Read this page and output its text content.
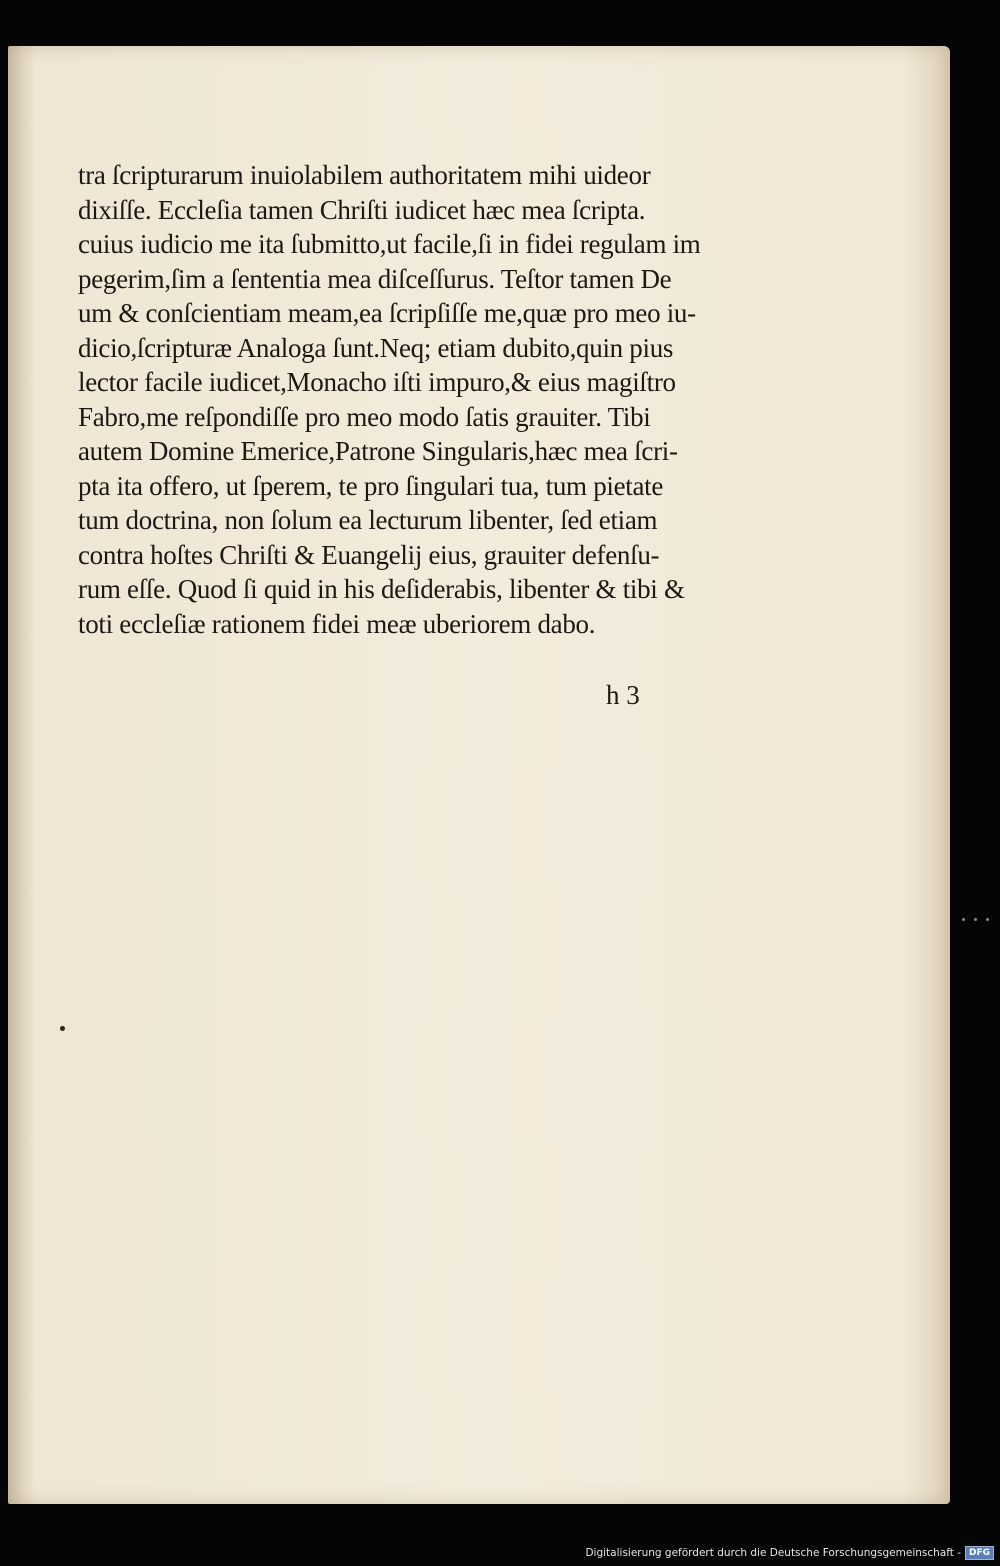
tra ſcripturarum inuiolabilem authoritatem mihi uideor
dixiſſe. Eccleſia tamen Chriſti iudicet hæc mea ſcripta.
cuius iudicio me ita ſubmitto,ut facile,ſi in fidei regulam im
pegerim,ſim a ſententia mea diſceſſurus. Teſtor tamen De
um & conſcientiam meam,ea ſcripſiſſe me,quæ pro meo iu-
dicio,ſcripturæ Analoga ſunt.Neq; etiam dubito,quin pius
lector facile iudicet,Monacho iſti impuro,& eius magiſtro
Fabro,me reſpondiſſe pro meo modo ſatis grauiter. Tibi
autem Domine Emerice,Patrone Singularis,hæc mea ſcri-
pta ita offero, ut ſperem, te pro ſingulari tua, tum pietate
tum doctrina, non ſolum ea lecturum libenter, ſed etiam
contra hoſtes Chriſti & Euangelij eius, grauiter defenſu-
rum eſſe. Quod ſi quid in his deſiderabis, libenter & tibi &
toti eccleſiæ rationem fidei meæ uberiorem dabo.
h 3
Digitalisierung gefördert durch die Deutsche Forschungsgemeinschaft - DFG
